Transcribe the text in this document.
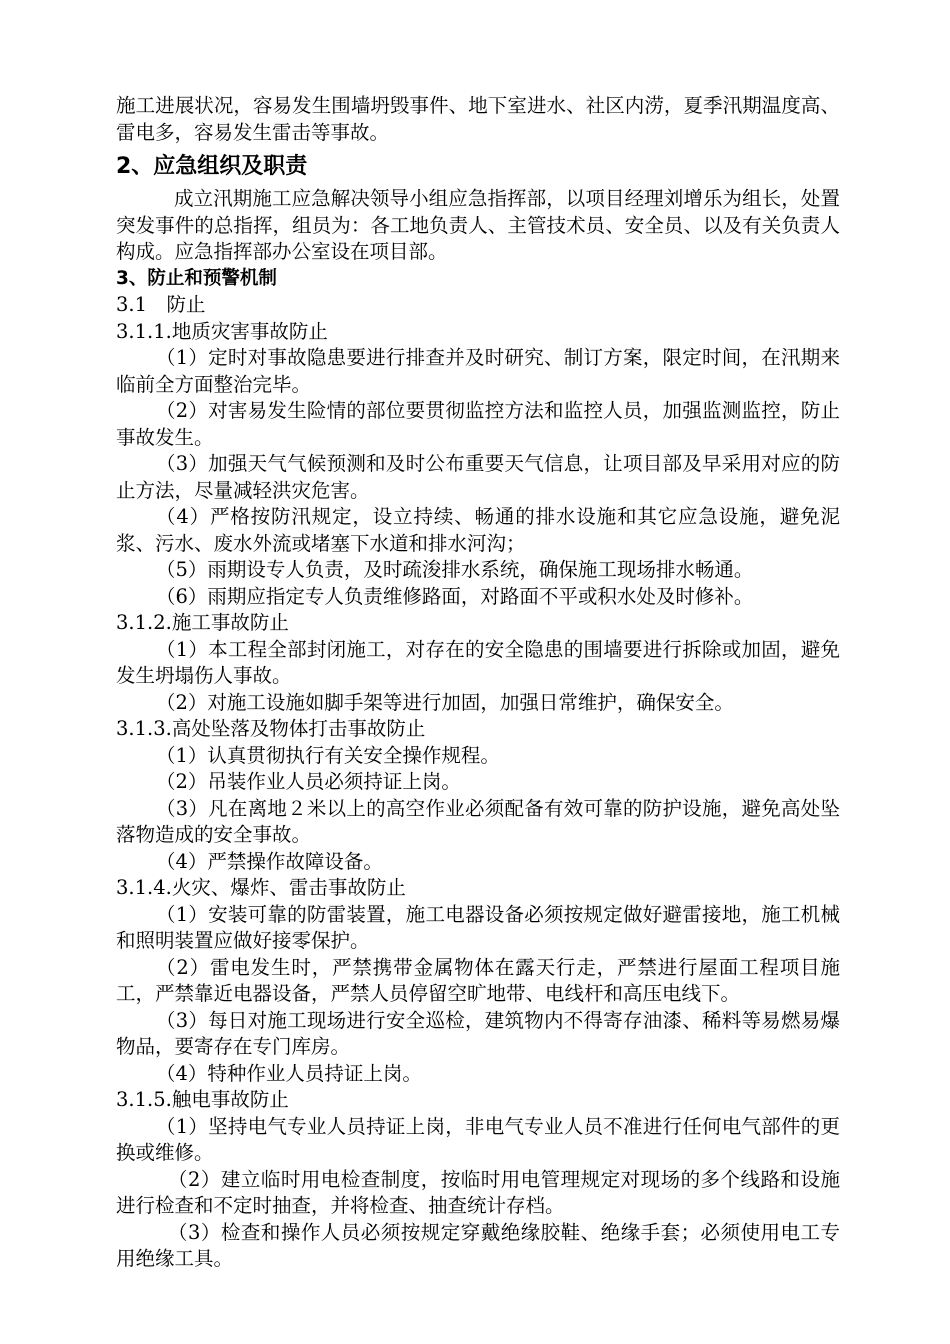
施工进展状况，容易发生围墙坍毁事件、地下室进水、社区内涝，夏季汛期温度高、雷电多，容易发生雷击等事故。

2、应急组织及职责

成立汛期施工应急解决领导小组应急指挥部，以项目经理刘增乐为组长，处置突发事件的总指挥，组员为：各工地负责人、主管技术员、安全员、以及有关负责人构成。应急指挥部办公室设在项目部。

3、防止和预警机制

3.1　防止

3.1.1.地质灾害事故防止

（1）定时对事故隐患要进行排查并及时研究、制订方案，限定时间，在汛期来临前全方面整治完毕。

（2）对害易发生险情的部位要贯彻监控方法和监控人员，加强监测监控，防止事故发生。

（3）加强天气气候预测和及时公布重要天气信息，让项目部及早采用对应的防止方法，尽量减轻洪灾危害。

（4）严格按防汛规定，设立持续、畅通的排水设施和其它应急设施，避免泥浆、污水、废水外流或堵塞下水道和排水河沟；

（5）雨期设专人负责，及时疏浚排水系统，确保施工现场排水畅通。

（6）雨期应指定专人负责维修路面，对路面不平或积水处及时修补。

3.1.2.施工事故防止

（1）本工程全部封闭施工，对存在的安全隐患的围墙要进行拆除或加固，避免发生坍塌伤人事故。

（2）对施工设施如脚手架等进行加固，加强日常维护，确保安全。

3.1.3.高处坠落及物体打击事故防止

（1）认真贯彻执行有关安全操作规程。

（2）吊装作业人员必须持证上岗。

（3）凡在离地２米以上的高空作业必须配备有效可靠的防护设施，避免高处坠落物造成的安全事故。

（4）严禁操作故障设备。

3.1.4.火灾、爆炸、雷击事故防止

（1）安装可靠的防雷装置，施工电器设备必须按规定做好避雷接地，施工机械和照明装置应做好接零保护。

（2）雷电发生时，严禁携带金属物体在露天行走，严禁进行屋面工程项目施工，严禁靠近电器设备，严禁人员停留空旷地带、电线杆和高压电线下。

（3）每日对施工现场进行安全巡检，建筑物内不得寄存油漆、稀料等易燃易爆物品，要寄存在专门库房。

（4）特种作业人员持证上岗。

3.1.5.触电事故防止

（1）坚持电气专业人员持证上岗，非电气专业人员不准进行任何电气部件的更换或维修。

（2）建立临时用电检查制度，按临时用电管理规定对现场的多个线路和设施进行检查和不定时抽查，并将检查、抽查统计存档。

（3）检查和操作人员必须按规定穿戴绝缘胶鞋、绝缘手套；必须使用电工专用绝缘工具。
